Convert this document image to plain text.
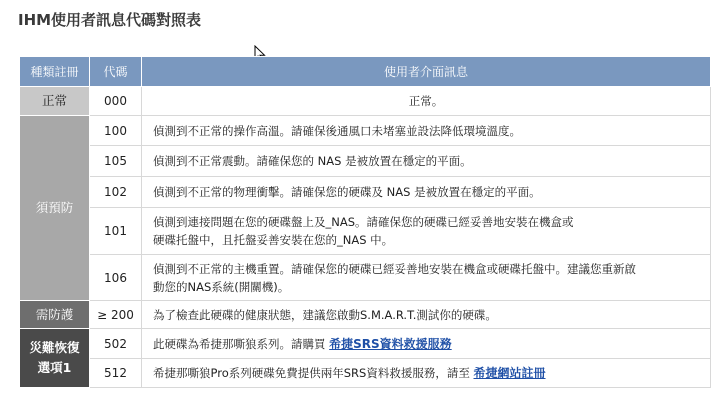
IHM使用者訊息代碼對照表
種類註冊	代碼	使用者介面訊息
正常	000	正常。
須預防	100	偵測到不正常的操作高溫。請確保後通風口未堵塞並設法降低環境溫度。
	105	偵測到不正常震動。請確保您的 NAS 是被放置在穩定的平面。
	102	偵測到不正常的物理衝擊。請確保您的硬碟及 NAS 是被放置在穩定的平面。
	101	偵測到連接問題在您的硬碟盤上及_NAS。請確保您的硬碟已經妥善地安裝在機盒或
硬碟托盤中，且托盤妥善安裝在您的_NAS 中。

	106	偵測到不正常的主機重置。請確保您的硬碟已經妥善地安裝在機盒或硬碟托盤中。建議您重新啟
動您的NAS系統(開關機)。

需防護	≥ 200	為了檢查此硬碟的健康狀態，建議您啟動S.M.A.R.T.測試你的硬碟。

災難恢復
選項1	502	此硬碟為希捷那嘶狼系列。請購買 希捷SRS資料救援服務
	512	希捷那嘶狼Pro系列硬碟免費提供兩年SRS資料救援服務，請至 希捷網站註冊
